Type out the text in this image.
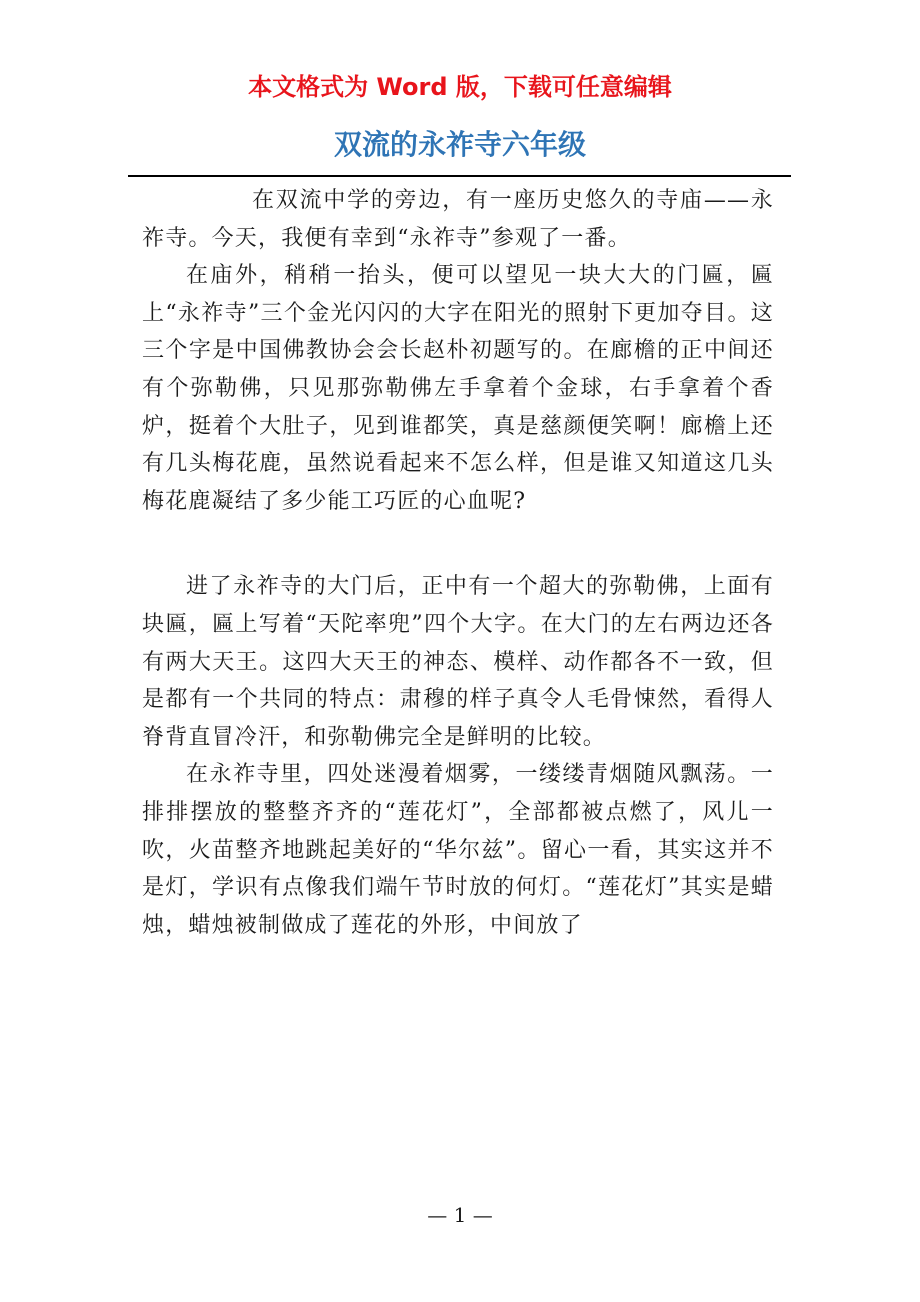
本文格式为 Word 版，下载可任意编辑
双流的永祚寺六年级

在双流中学的旁边，有一座历史悠久的寺庙——永祚寺。今天，我便有幸到“永祚寺”参观了一番。

在庙外，稍稍一抬头，便可以望见一块大大的门匾，匾上“永祚寺”三个金光闪闪的大字在阳光的照射下更加夺目。这三个字是中国佛教协会会长赵朴初题写的。在廊檐的正中间还有个弥勒佛，只见那弥勒佛左手拿着个金球，右手拿着个香炉，挺着个大肚子，见到谁都笑，真是慈颜便笑啊！廊檐上还有几头梅花鹿，虽然说看起来不怎么样，但是谁又知道这几头梅花鹿凝结了多少能工巧匠的心血呢?

进了永祚寺的大门后，正中有一个超大的弥勒佛，上面有块匾，匾上写着“天陀率兜”四个大字。在大门的左右两边还各有两大天王。这四大天王的神态、模样、动作都各不一致，但是都有一个共同的特点：肃穆的样子真令人毛骨悚然，看得人脊背直冒冷汗，和弥勒佛完全是鲜明的比较。

在永祚寺里，四处迷漫着烟雾，一缕缕青烟随风飘荡。一排排摆放的整整齐齐的“莲花灯”，全部都被点燃了，风儿一吹，火苗整齐地跳起美好的“华尔兹”。留心一看，其实这并不是灯，学识有点像我们端午节时放的何灯。“莲花灯”其实是蜡烛，蜡烛被制做成了莲花的外形，中间放了

— 1 —
